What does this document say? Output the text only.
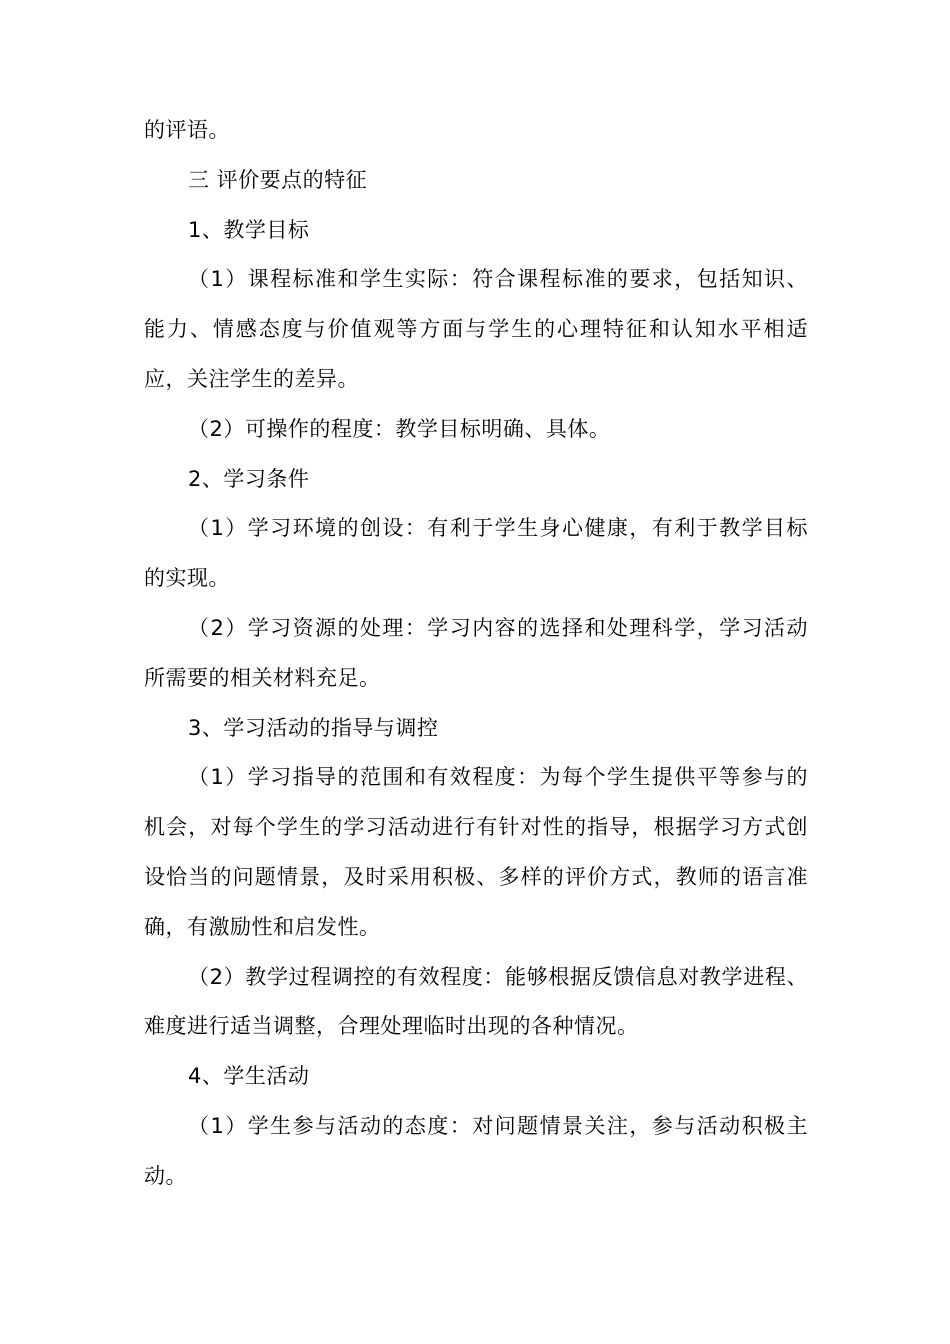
的评语。
三 评价要点的特征
1、教学目标
（1）课程标准和学生实际：符合课程标准的要求，包括知识、
能力、情感态度与价值观等方面与学生的心理特征和认知水平相适
应，关注学生的差异。
（2）可操作的程度：教学目标明确、具体。
2、学习条件
（1）学习环境的创设：有利于学生身心健康，有利于教学目标
的实现。
（2）学习资源的处理：学习内容的选择和处理科学，学习活动
所需要的相关材料充足。
3、学习活动的指导与调控
（1）学习指导的范围和有效程度：为每个学生提供平等参与的
机会，对每个学生的学习活动进行有针对性的指导，根据学习方式创
设恰当的问题情景，及时采用积极、多样的评价方式，教师的语言准
确，有激励性和启发性。
（2）教学过程调控的有效程度：能够根据反馈信息对教学进程、
难度进行适当调整，合理处理临时出现的各种情况。
4、学生活动
（1）学生参与活动的态度：对问题情景关注，参与活动积极主
动。
